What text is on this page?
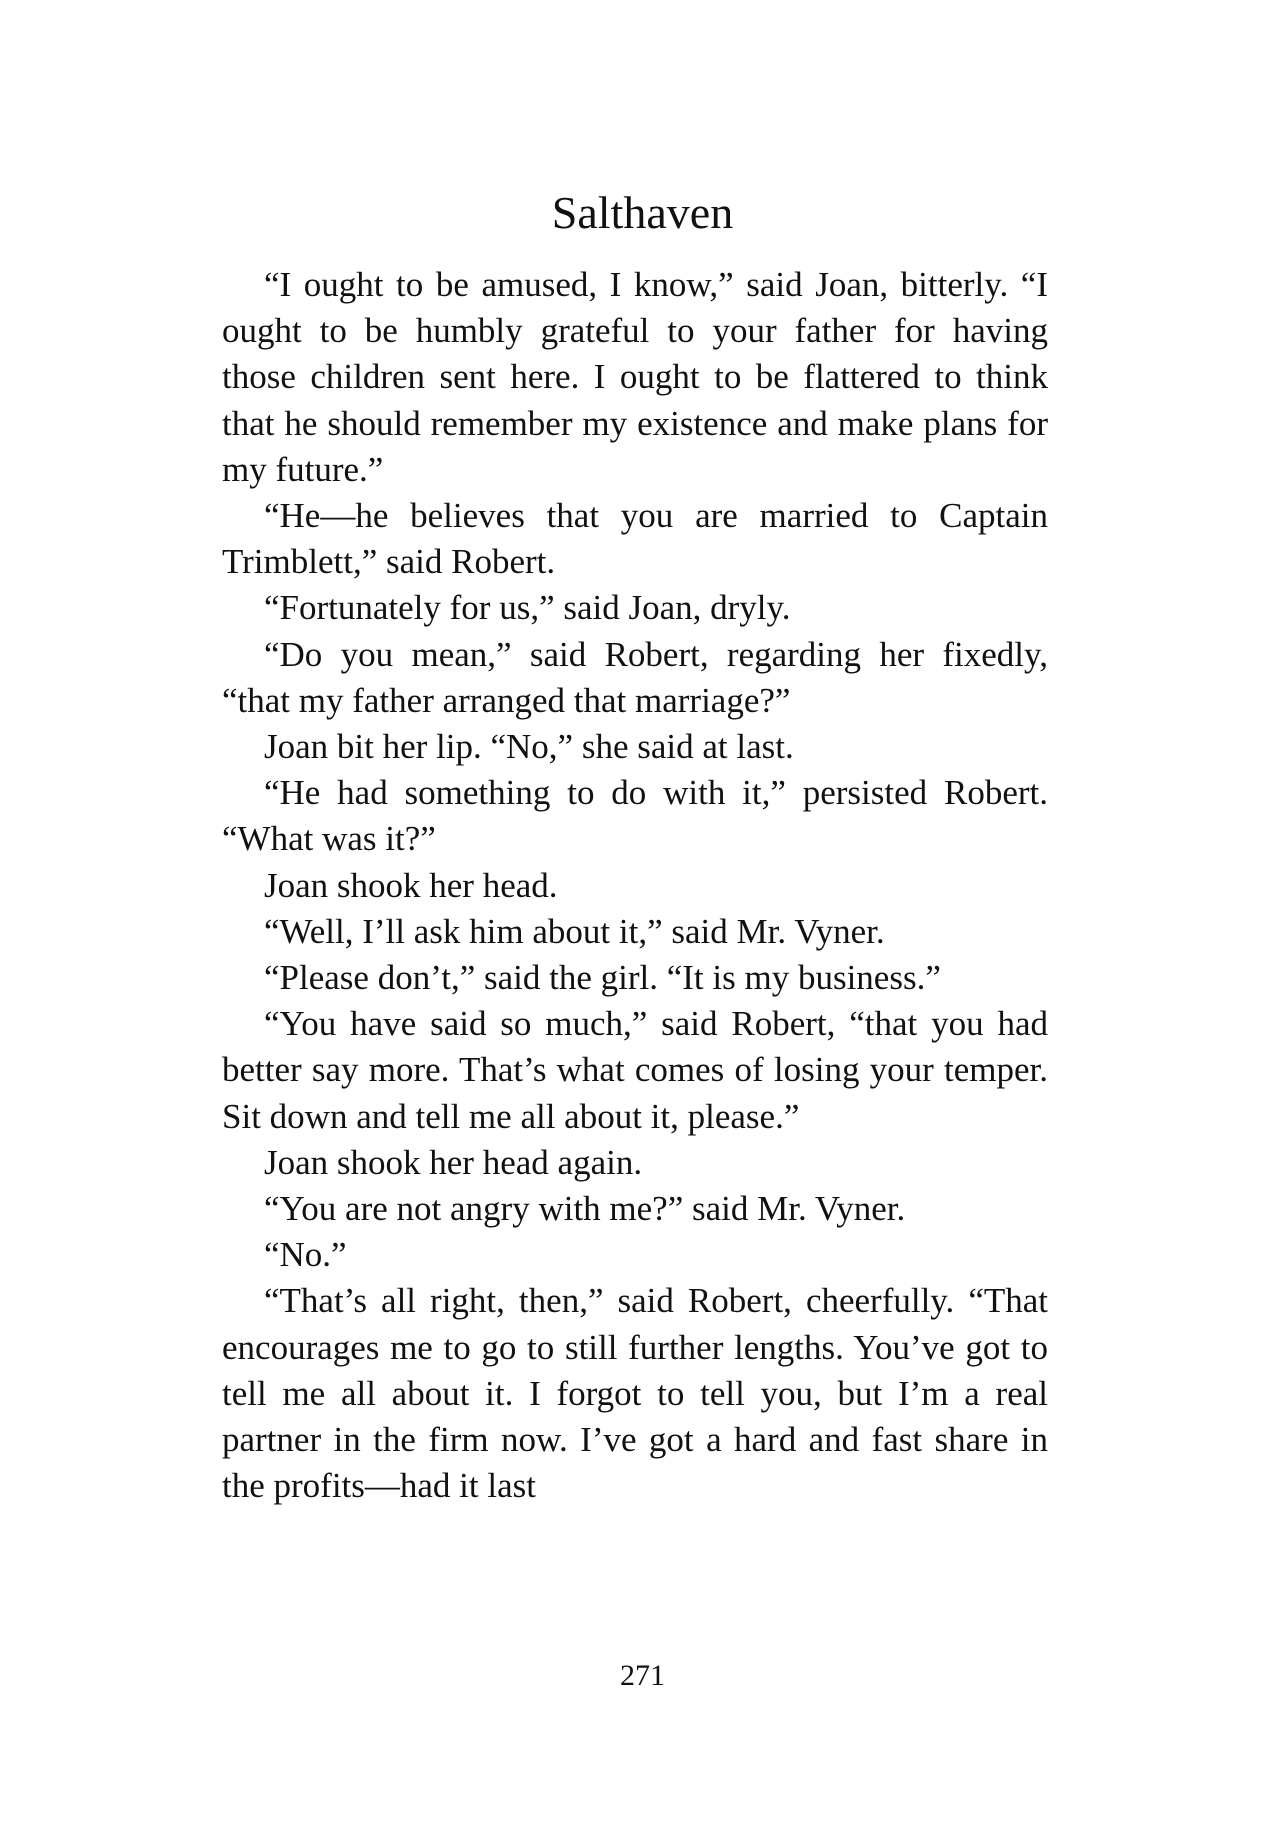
Salthaven

“I ought to be amused, I know,” said Joan, bitterly. “I ought to be humbly grateful to your father for having those children sent here. I ought to be flattered to think that he should remember my existence and make plans for my future.”

“He—he believes that you are married to Captain Trimblett,” said Robert.

“Fortunately for us,” said Joan, dryly.

“Do you mean,” said Robert, regarding her fixedly, “that my father arranged that marriage?”

Joan bit her lip. “No,” she said at last.

“He had something to do with it,” persisted Robert. “What was it?”

Joan shook her head.

“Well, I’ll ask him about it,” said Mr. Vyner.

“Please don’t,” said the girl. “It is my business.”

“You have said so much,” said Robert, “that you had better say more. That’s what comes of losing your temper. Sit down and tell me all about it, please.”

Joan shook her head again.

“You are not angry with me?” said Mr. Vyner.

“No.”

“That’s all right, then,” said Robert, cheerfully. “That encourages me to go to still further lengths. You’ve got to tell me all about it. I forgot to tell you, but I’m a real partner in the firm now. I’ve got a hard and fast share in the profits—had it last

271
